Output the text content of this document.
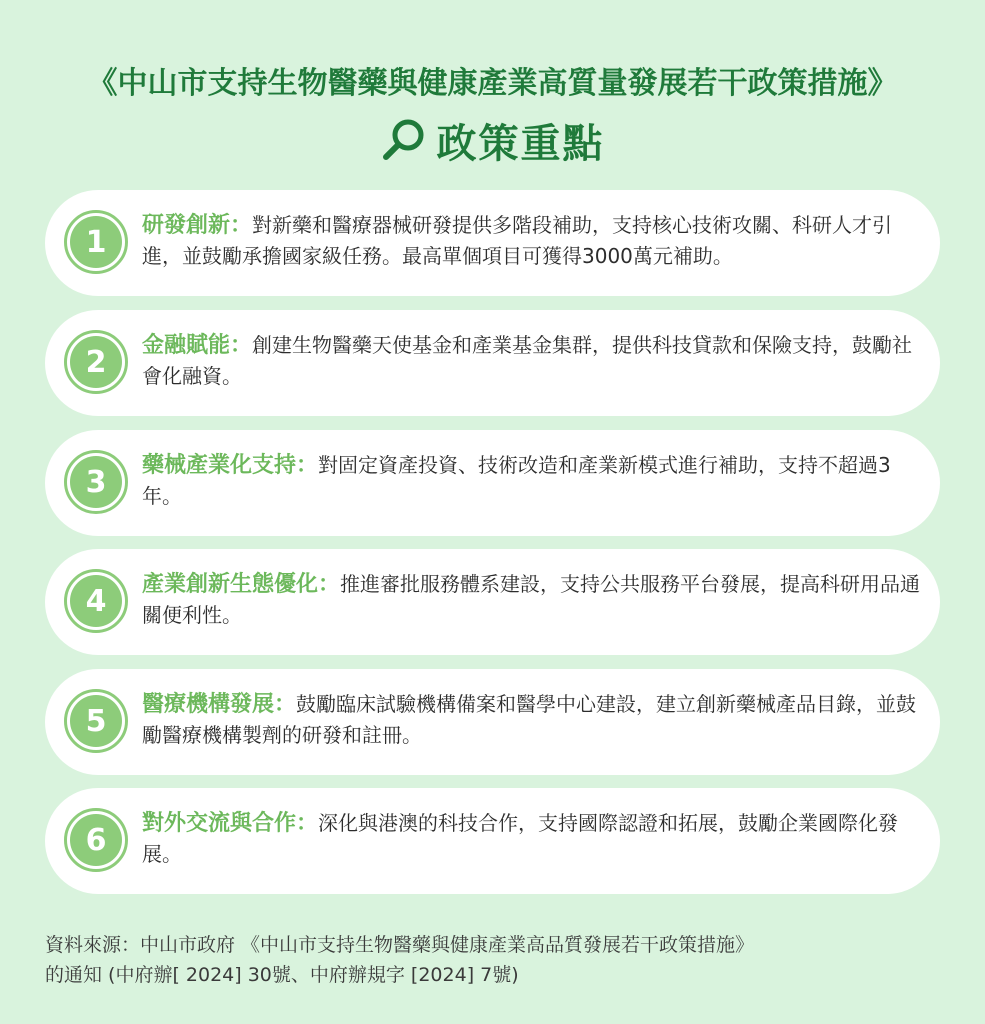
《中山市支持生物醫藥與健康產業高質量發展若干政策措施》
政策重點
1	研發創新：對新藥和醫療器械研發提供多階段補助，支持核心技術攻關、科研人才引進，並鼓勵承擔國家級任務。最高單個項目可獲得3000萬元補助。
2	金融賦能：創建生物醫藥天使基金和產業基金集群，提供科技貸款和保險支持，鼓勵社會化融資。
3	藥械產業化支持：對固定資產投資、技術改造和產業新模式進行補助，支持不超過3年。
4	產業創新生態優化：推進審批服務體系建設，支持公共服務平台發展，提高科研用品通關便利性。
5	醫療機構發展：鼓勵臨床試驗機構備案和醫學中心建設，建立創新藥械產品目錄，並鼓勵醫療機構製劑的研發和註冊。
6	對外交流與合作：深化與港澳的科技合作，支持國際認證和拓展，鼓勵企業國際化發展。
資料來源：中山市政府 《中山市支持生物醫藥與健康產業高品質發展若干政策措施》
的通知 (中府辦[ 2024] 30號、中府辦規字 [2024] 7號)
